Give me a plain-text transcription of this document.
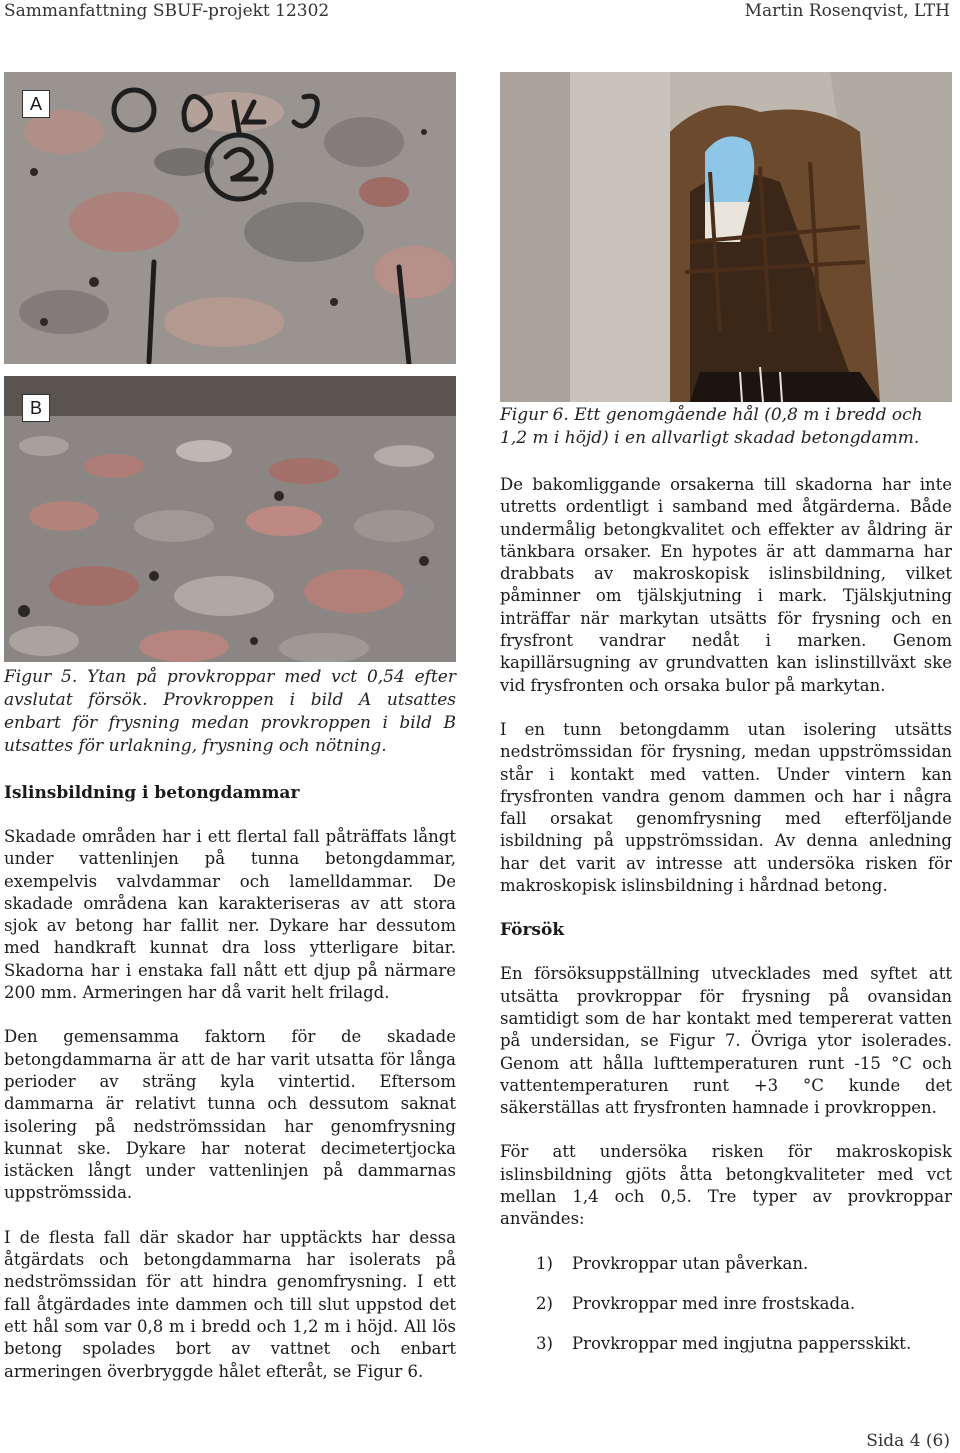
Sammanfattning SBUF-projekt 12302	Martin Rosenqvist, LTH
A
B
Figur 5. Ytan på provkroppar med vct 0,54 efter avslutat försök. Provkroppen i bild A utsattes enbart för frysning medan provkroppen i bild B utsattes för urlakning, frysning och nötning.
Figur 6. Ett genomgående hål (0,8 m i bredd och 1,2 m i höjd) i en allvarligt skadad betongdamm.
Islinsbildning i betongdammar

Skadade områden har i ett flertal fall påträffats långt under vattenlinjen på tunna betongdammar, exempelvis valvdammar och lamelldammar. De skadade områdena kan karakteriseras av att stora sjok av betong har fallit ner. Dykare har dessutom med handkraft kunnat dra loss ytterligare bitar. Skadorna har i enstaka fall nått ett djup på närmare 200 mm. Armeringen har då varit helt frilagd.

Den gemensamma faktorn för de skadade betongdammarna är att de har varit utsatta för långa perioder av sträng kyla vintertid. Eftersom dammarna är relativt tunna och dessutom saknat isolering på nedströmssidan har genomfrysning kunnat ske. Dykare har noterat decimetertjocka istäcken långt under vattenlinjen på dammarnas uppströmssida.

I de flesta fall där skador har upptäckts har dessa åtgärdats och betongdammarna har isolerats på nedströmssidan för att hindra genomfrysning. I ett fall åtgärdades inte dammen och till slut uppstod det ett hål som var 0,8 m i bredd och 1,2 m i höjd. All lös betong spolades bort av vattnet och enbart armeringen överbryggde hålet efteråt, se Figur 6.

De bakomliggande orsakerna till skadorna har inte utretts ordentligt i samband med åtgärderna. Både undermålig betongkvalitet och effekter av åldring är tänkbara orsaker. En hypotes är att dammarna har drabbats av makroskopisk islinsbildning, vilket påminner om tjälskjutning i mark. Tjälskjutning inträffar när markytan utsätts för frysning och en frysfront vandrar nedåt i marken. Genom kapillärsugning av grundvatten kan islinstillväxt ske vid frysfronten och orsaka bulor på markytan.

I en tunn betongdamm utan isolering utsätts nedströmssidan för frysning, medan uppströmssidan står i kontakt med vatten. Under vintern kan frysfronten vandra genom dammen och har i några fall orsakat genomfrysning med efterföljande isbildning på uppströmssidan. Av denna anledning har det varit av intresse att undersöka risken för makroskopisk islinsbildning i hårdnad betong.

Försök

En försöksuppställning utvecklades med syftet att utsätta provkroppar för frysning på ovansidan samtidigt som de har kontakt med tempererat vatten på undersidan, se Figur 7. Övriga ytor isolerades. Genom att hålla lufttemperaturen runt -15 °C och vattentemperaturen runt +3 °C kunde det säkerställas att frysfronten hamnade i provkroppen.

För att undersöka risken för makroskopisk islinsbildning gjöts åtta betongkvaliteter med vct mellan 1,4 och 0,5. Tre typer av provkroppar användes:

1)	Provkroppar utan påverkan.
2)	Provkroppar med inre frostskada.
3)	Provkroppar med ingjutna pappersskikt.
Sida 4 (6)
